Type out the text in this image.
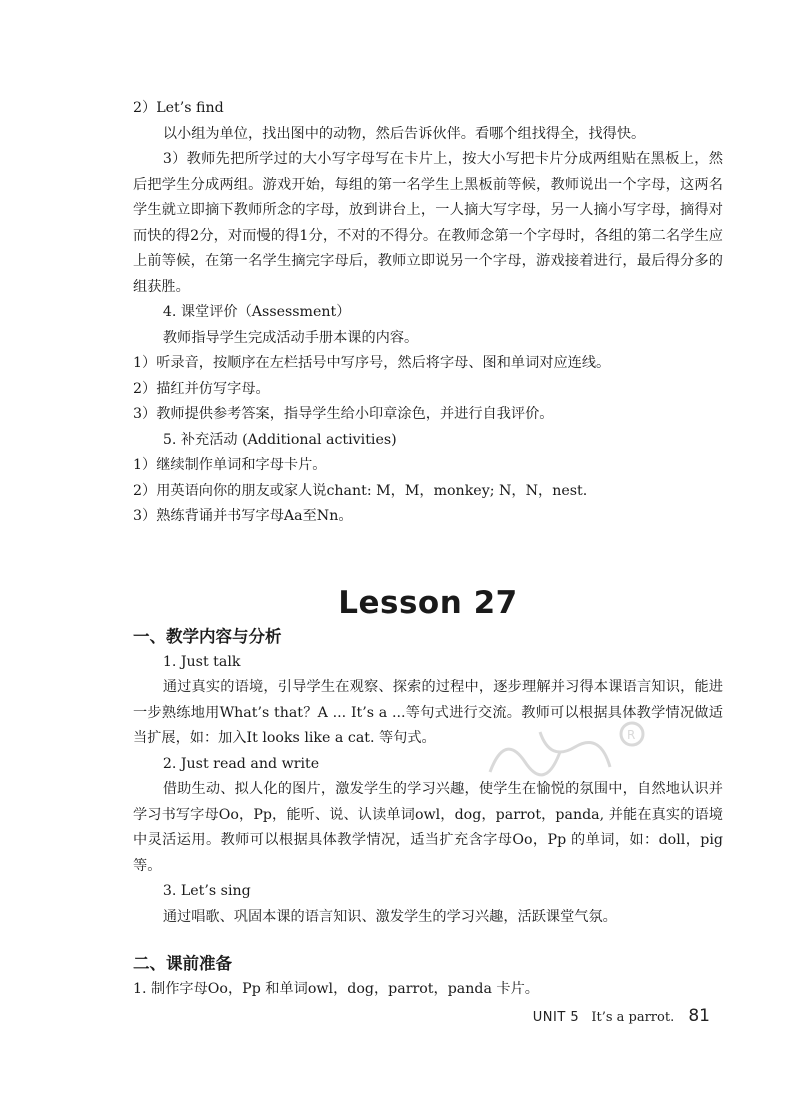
2）Let’s find

以小组为单位，找出图中的动物，然后告诉伙伴。看哪个组找得全，找得快。

3）教师先把所学过的大小写字母写在卡片上，按大小写把卡片分成两组贴在黑板上，然后把学生分成两组。游戏开始，每组的第一名学生上黑板前等候，教师说出一个字母，这两名学生就立即摘下教师所念的字母，放到讲台上，一人摘大写字母，另一人摘小写字母，摘得对而快的得2分，对而慢的得1分，不对的不得分。在教师念第一个字母时，各组的第二名学生应上前等候，在第一名学生摘完字母后，教师立即说另一个字母，游戏接着进行，最后得分多的组获胜。

4. 课堂评价（Assessment）

教师指导学生完成活动手册本课的内容。

1）听录音，按顺序在左栏括号中写序号，然后将字母、图和单词对应连线。

2）描红并仿写字母。

3）教师提供参考答案，指导学生给小印章涂色，并进行自我评价。

5. 补充活动 (Additional activities)

1）继续制作单词和字母卡片。

2）用英语向你的朋友或家人说chant: M，M，monkey; N，N，nest.

3）熟练背诵并书写字母Aa至Nn。

Lesson 27

一、教学内容与分析

1. Just talk

通过真实的语境，引导学生在观察、探索的过程中，逐步理解并习得本课语言知识，能进一步熟练地用What’s that？A ... It’s a ...等句式进行交流。教师可以根据具体教学情况做适当扩展，如：加入It looks like a cat. 等句式。

2. Just read and write

借助生动、拟人化的图片，激发学生的学习兴趣，使学生在愉悦的氛围中，自然地认识并学习书写字母Oo，Pp，能听、说、认读单词owl，dog，parrot，panda, 并能在真实的语境中灵活运用。教师可以根据具体教学情况，适当扩充含字母Oo，Pp 的单词，如：doll，pig等。

3. Let’s sing

通过唱歌、巩固本课的语言知识、激发学生的学习兴趣，活跃课堂气氛。

二、课前准备

1. 制作字母Oo，Pp 和单词owl，dog，parrot，panda 卡片。

R
UNIT 5 It’s a parrot. 81
